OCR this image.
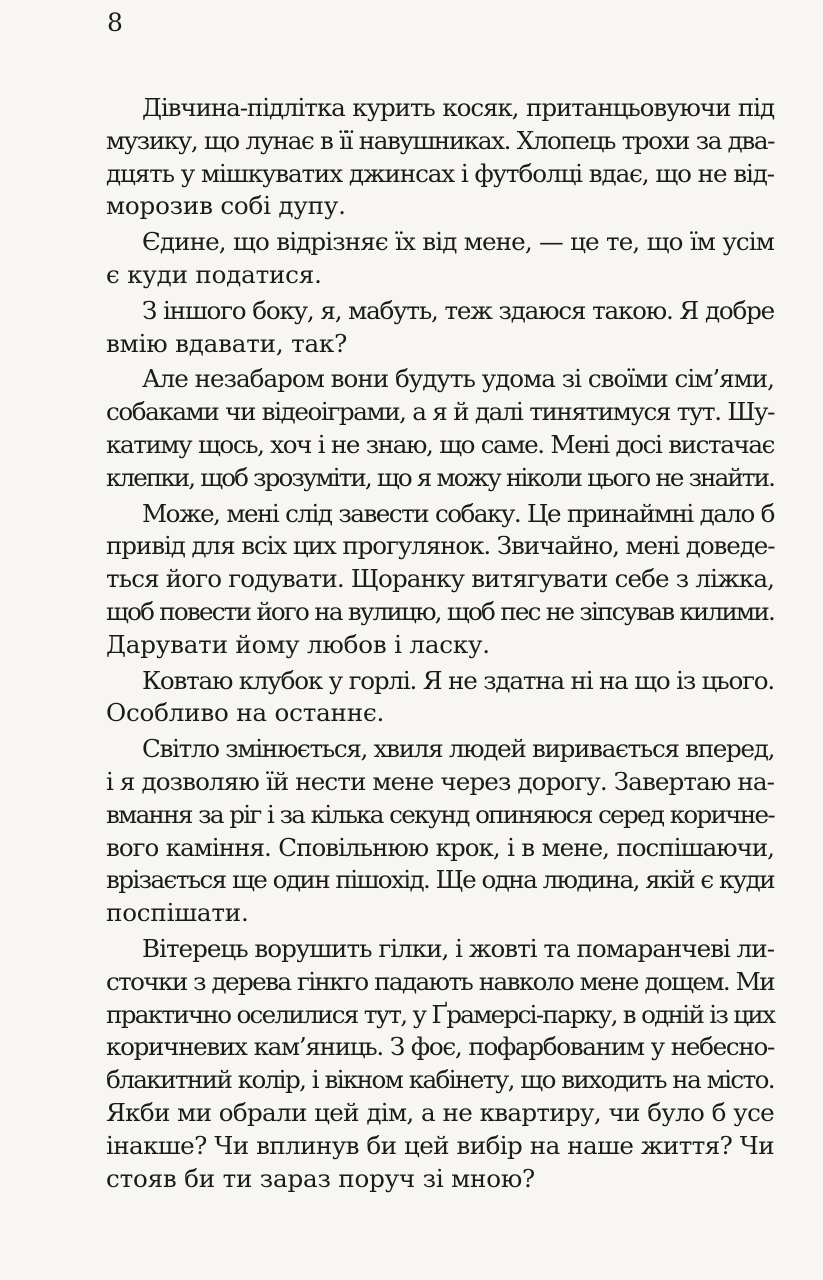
8

Дівчина-підлітка курить косяк, пританцьовуючи під
музику, що лунає в її навушниках. Хлопець трохи за два-
дцять у мішкуватих джинсах і футболці вдає, що не від-
морозив собі дупу.

Єдине, що відрізняє їх від мене, — це те, що їм усім
є куди податися.

З іншого боку, я, мабуть, теж здаюся такою. Я добре
вмію вдавати, так?

Але незабаром вони будуть удома зі своїми сім’ями,
собаками чи відеоіграми, а я й далі тинятимуся тут. Шу-
катиму щось, хоч і не знаю, що саме. Мені досі вистачає
клепки, щоб зрозуміти, що я можу ніколи цього не знайти.

Може, мені слід завести собаку. Це принаймні дало б
привід для всіх цих прогулянок. Звичайно, мені доведе-
ться його годувати. Щоранку витягувати себе з ліжка,
щоб повести його на вулицю, щоб пес не зіпсував килими.
Дарувати йому любов і ласку.

Ковтаю клубок у горлі. Я не здатна ні на що із цього.
Особливо на останнє.

Світло змінюється, хвиля людей виривається вперед,
і я дозволяю їй нести мене через дорогу. Завертаю на-
вмання за ріг і за кілька секунд опиняюся серед коричне-
вого каміння. Сповільнюю крок, і в мене, поспішаючи,
врізається ще один пішохід. Ще одна людина, якій є куди
поспішати.

Вітерець ворушить гілки, і жовті та помаранчеві ли-
сточки з дерева гінкго падають навколо мене дощем. Ми
практично оселилися тут, у Ґрамерсі-парку, в одній із цих
коричневих кам’яниць. З фоє, пофарбованим у небесно-
блакитний колір, і вікном кабінету, що виходить на місто.
Якби ми обрали цей дім, а не квартиру, чи було б усе
інакше? Чи вплинув би цей вибір на наше життя? Чи
стояв би ти зараз поруч зі мною?
